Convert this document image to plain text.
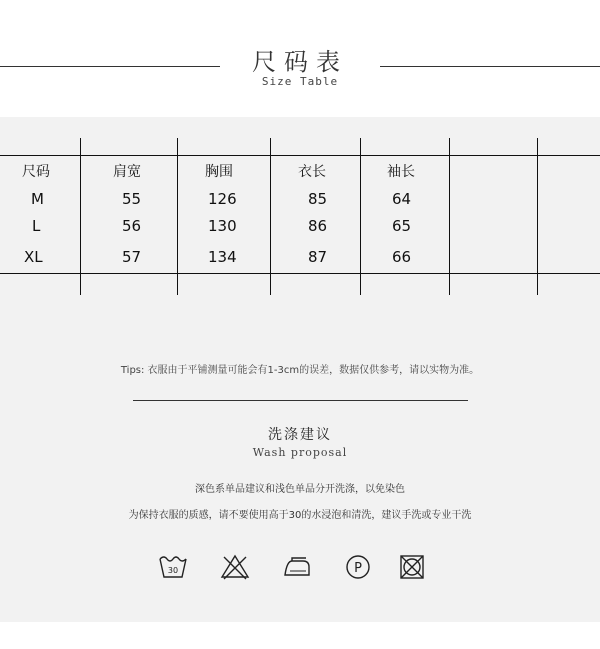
尺码表
Size Table
尺码	肩宽	胸围	衣长	袖长
M	55	126	85	64
L	56	130	86	65
XL	57	134	87	66
Tips: 衣服由于平铺测量可能会有1-3cm的误差，数据仅供参考，请以实物为准。
洗涤建议
Wash proposal
深色系单品建议和浅色单品分开洗涤，以免染色
为保持衣服的质感，请不要使用高于30的水浸泡和清洗，建议手洗或专业干洗
30	P
